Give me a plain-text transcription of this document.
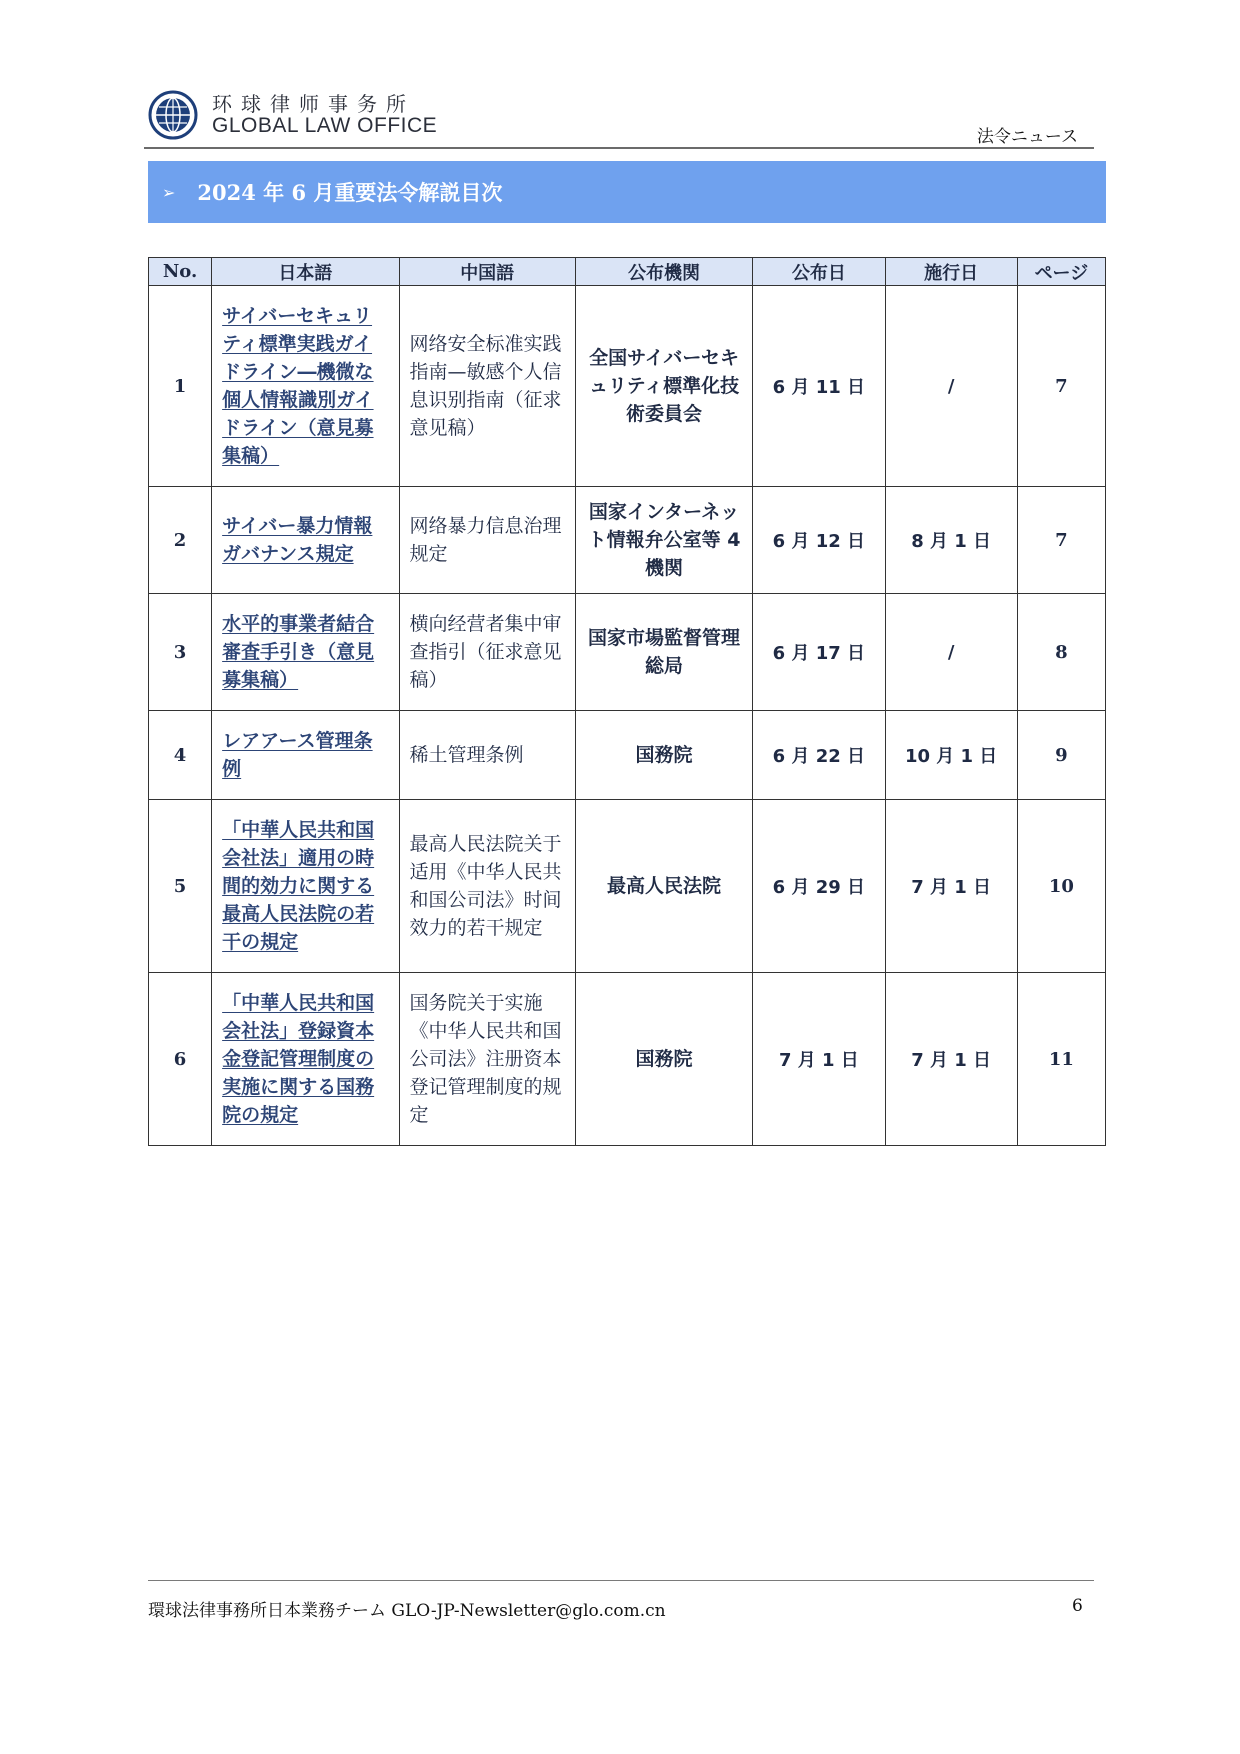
环球律师事务所
GLOBAL LAW OFFICE	法令ニュース
➢ 2024 年 6 月重要法令解説目次
No.	日本語	中国語	公布機関	公布日	施行日	ページ
1	サイバーセキュリティ標準実践ガイドライン―機微な個人情報識別ガイドライン（意見募集稿）	网络安全标准实践指南—敏感个人信息识别指南（征求意见稿）	全国サイバーセキュリティ標準化技術委員会	6 月 11 日	/	7
2	サイバー暴力情報ガバナンス規定	网络暴力信息治理规定	国家インターネット情報弁公室等 4 機関	6 月 12 日	8 月 1 日	7
3	水平的事業者結合審査手引き（意見募集稿）	横向经营者集中审查指引（征求意见稿）	国家市場監督管理総局	6 月 17 日	/	8
4	レアアース管理条例	稀土管理条例	国務院	6 月 22 日	10 月 1 日	9
5	「中華人民共和国会社法」適用の時間的効力に関する最高人民法院の若干の規定	最高人民法院关于适用《中华人民共和国公司法》时间效力的若干规定	最高人民法院	6 月 29 日	7 月 1 日	10
6	「中華人民共和国会社法」登録資本金登記管理制度の実施に関する国務院の規定	国务院关于实施《中华人民共和国公司法》注册资本登记管理制度的规定	国務院	7 月 1 日	7 月 1 日	11
環球法律事務所日本業務チーム GLO-JP-Newsletter@glo.com.cn	6
